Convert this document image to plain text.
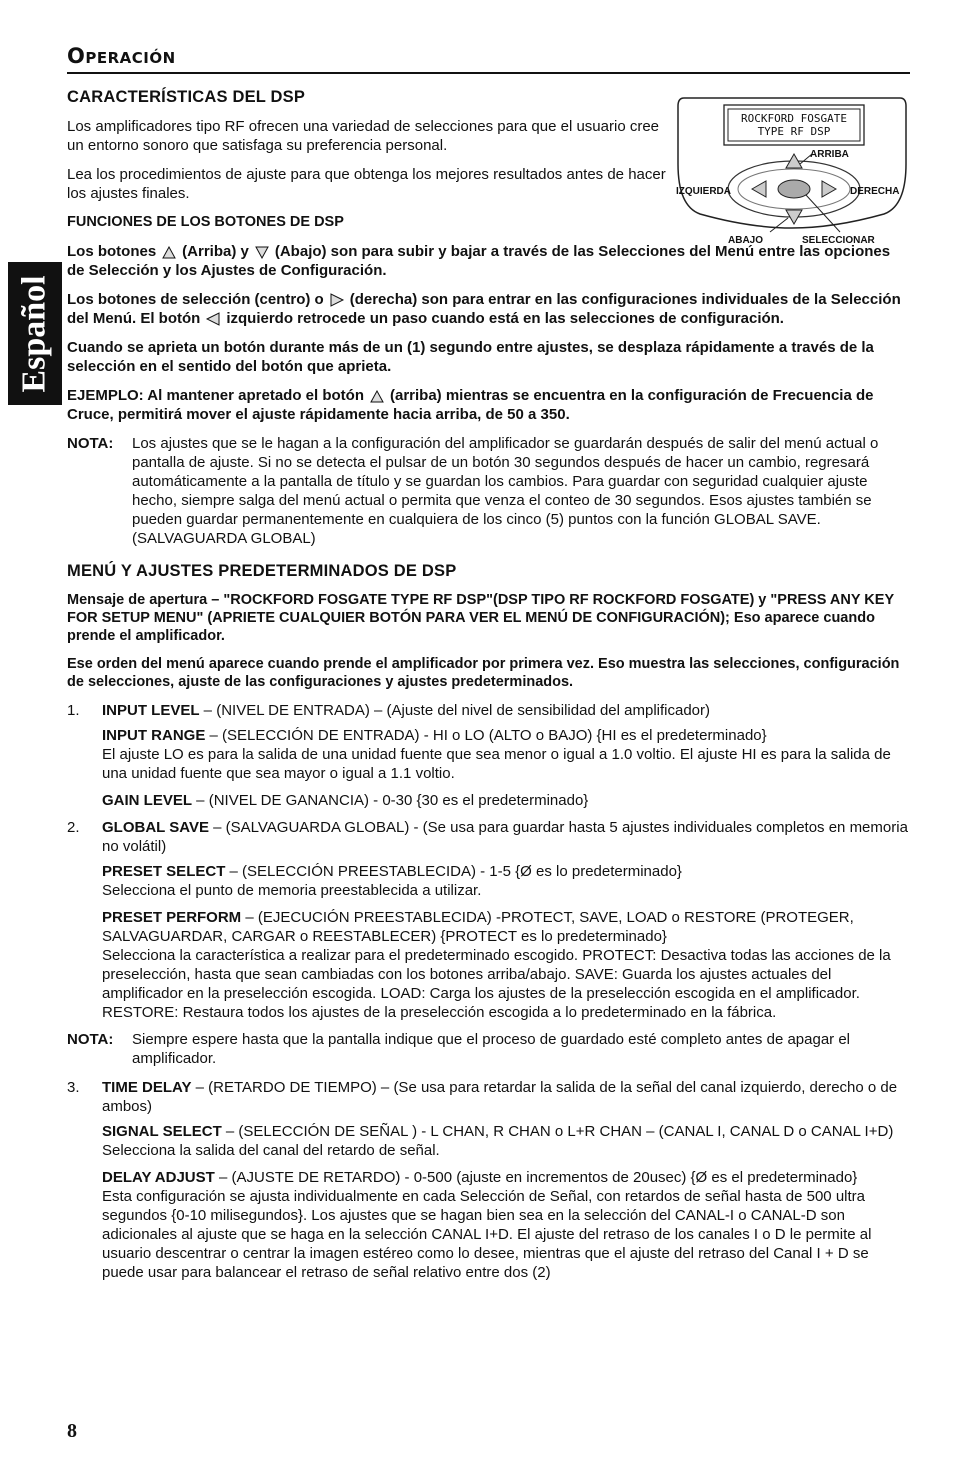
Operación
Español
ROCKFORD FOSGATE
TYPE RF DSP
ARRIBA
IZQUIERDA	DERECHA
ABAJO	SELECCIONAR
CARACTERÍSTICAS DEL DSP

Los amplificadores tipo RF ofrecen una variedad de selecciones para que el usuario cree un entorno sonoro que satisfaga su preferencia personal.

Lea los procedimientos de ajuste para que obtenga los mejores resultados antes de hacer los ajustes finales.

FUNCIONES DE LOS BOTONES DE DSP

Los botones (Arriba) y (Abajo) son para subir y bajar a través de las Selecciones del Menú entre las opciones de Selección y los Ajustes de Configuración.

Los botones de selección (centro) o (derecha) son para entrar en las configuraciones individuales de la Selección del Menú. El botón izquierdo retrocede un paso cuando está en las selecciones de configuración.

Cuando se aprieta un botón durante más de un (1) segundo entre ajustes, se desplaza rápidamente a través de la selección en el sentido del botón que aprieta.

EJEMPLO: Al mantener apretado el botón (arriba) mientras se encuentra en la configuración de Frecuencia de Cruce, permitirá mover el ajuste rápidamente hacia arriba, de 50 a 350.

NOTA:	Los ajustes que se le hagan a la configuración del amplificador se guardarán después de salir del menú actual o pantalla de ajuste. Si no se detecta el pulsar de un botón 30 segundos después de hacer un cambio, regresará automáticamente a la pantalla de título y se guardan los cambios. Para guardar con seguridad cualquier ajuste hecho, siempre salga del menú actual o permita que venza el conteo de 30 segundos. Esos ajustes también se pueden guardar permanentemente en cualquiera de los cinco (5) puntos con la función GLOBAL SAVE. (SALVAGUARDA GLOBAL)
MENÚ Y AJUSTES PREDETERMINADOS DE DSP

Mensaje de apertura – "ROCKFORD FOSGATE TYPE RF DSP"(DSP TIPO RF ROCKFORD FOSGATE) y "PRESS ANY KEY FOR SETUP MENU" (APRIETE CUALQUIER BOTÓN PARA VER EL MENÚ DE CONFIGURACIÓN); Eso aparece cuando prende el amplificador.

Ese orden del menú aparece cuando prende el amplificador por primera vez. Eso muestra las selecciones, configuración de selecciones, ajuste de las configuraciones y ajustes predeterminados.

1.	INPUT LEVEL – (NIVEL DE ENTRADA) – (Ajuste del nivel de sensibilidad del amplificador)
INPUT RANGE – (SELECCIÓN DE ENTRADA) - HI o LO (ALTO o BAJO) {HI es el predeterminado}
El ajuste LO es para la salida de una unidad fuente que sea menor o igual a 1.0 voltio. El ajuste HI es para la salida de una unidad fuente que sea mayor o igual a 1.1 voltio.
GAIN LEVEL – (NIVEL DE GANANCIA) - 0-30 {30 es el predeterminado}
2.	GLOBAL SAVE – (SALVAGUARDA GLOBAL) - (Se usa para guardar hasta 5 ajustes individuales completos en memoria no volátil)
PRESET SELECT – (SELECCIÓN PREESTABLECIDA) - 1-5 {Ø es lo predeterminado}
Selecciona el punto de memoria preestablecida a utilizar.
PRESET PERFORM – (EJECUCIÓN PREESTABLECIDA) -PROTECT, SAVE, LOAD o RESTORE (PROTEGER, SALVAGUARDAR, CARGAR o REESTABLECER) {PROTECT es lo predeterminado}
Selecciona la característica a realizar para el predeterminado escogido. PROTECT: Desactiva todas las acciones de la preselección, hasta que sean cambiadas con los botones arriba/abajo. SAVE: Guarda los ajustes actuales del amplificador en la preselección escogida. LOAD: Carga los ajustes de la preselección escogida en el amplificador. RESTORE: Restaura todos los ajustes de la preselección escogida a lo predeterminado en la fábrica.
NOTA:	Siempre espere hasta que la pantalla indique que el proceso de guardado esté completo antes de apagar el amplificador.
3.	TIME DELAY – (RETARDO DE TIEMPO) – (Se usa para retardar la salida de la señal del canal izquierdo, derecho o de ambos)
SIGNAL SELECT – (SELECCIÓN DE SEÑAL ) - L CHAN, R CHAN o L+R CHAN – (CANAL I, CANAL D o CANAL I+D)
Selecciona la salida del canal del retardo de señal.
DELAY ADJUST – (AJUSTE DE RETARDO) - 0-500 (ajuste en incrementos de 20usec) {Ø es el predeterminado}
Esta configuración se ajusta individualmente en cada Selección de Señal, con retardos de señal hasta de 500 ultra segundos {0-10 milisegundos}. Los ajustes que se hagan bien sea en la selección del CANAL-I o CANAL-D son adicionales al ajuste que se haga en la selección CANAL I+D. El ajuste del retraso de los canales I o D le permite al usuario descentrar o centrar la imagen estéreo como lo desee, mientras que el ajuste del retraso del Canal I + D se puede usar para balancear el retraso de señal relativo entre dos (2)
8
